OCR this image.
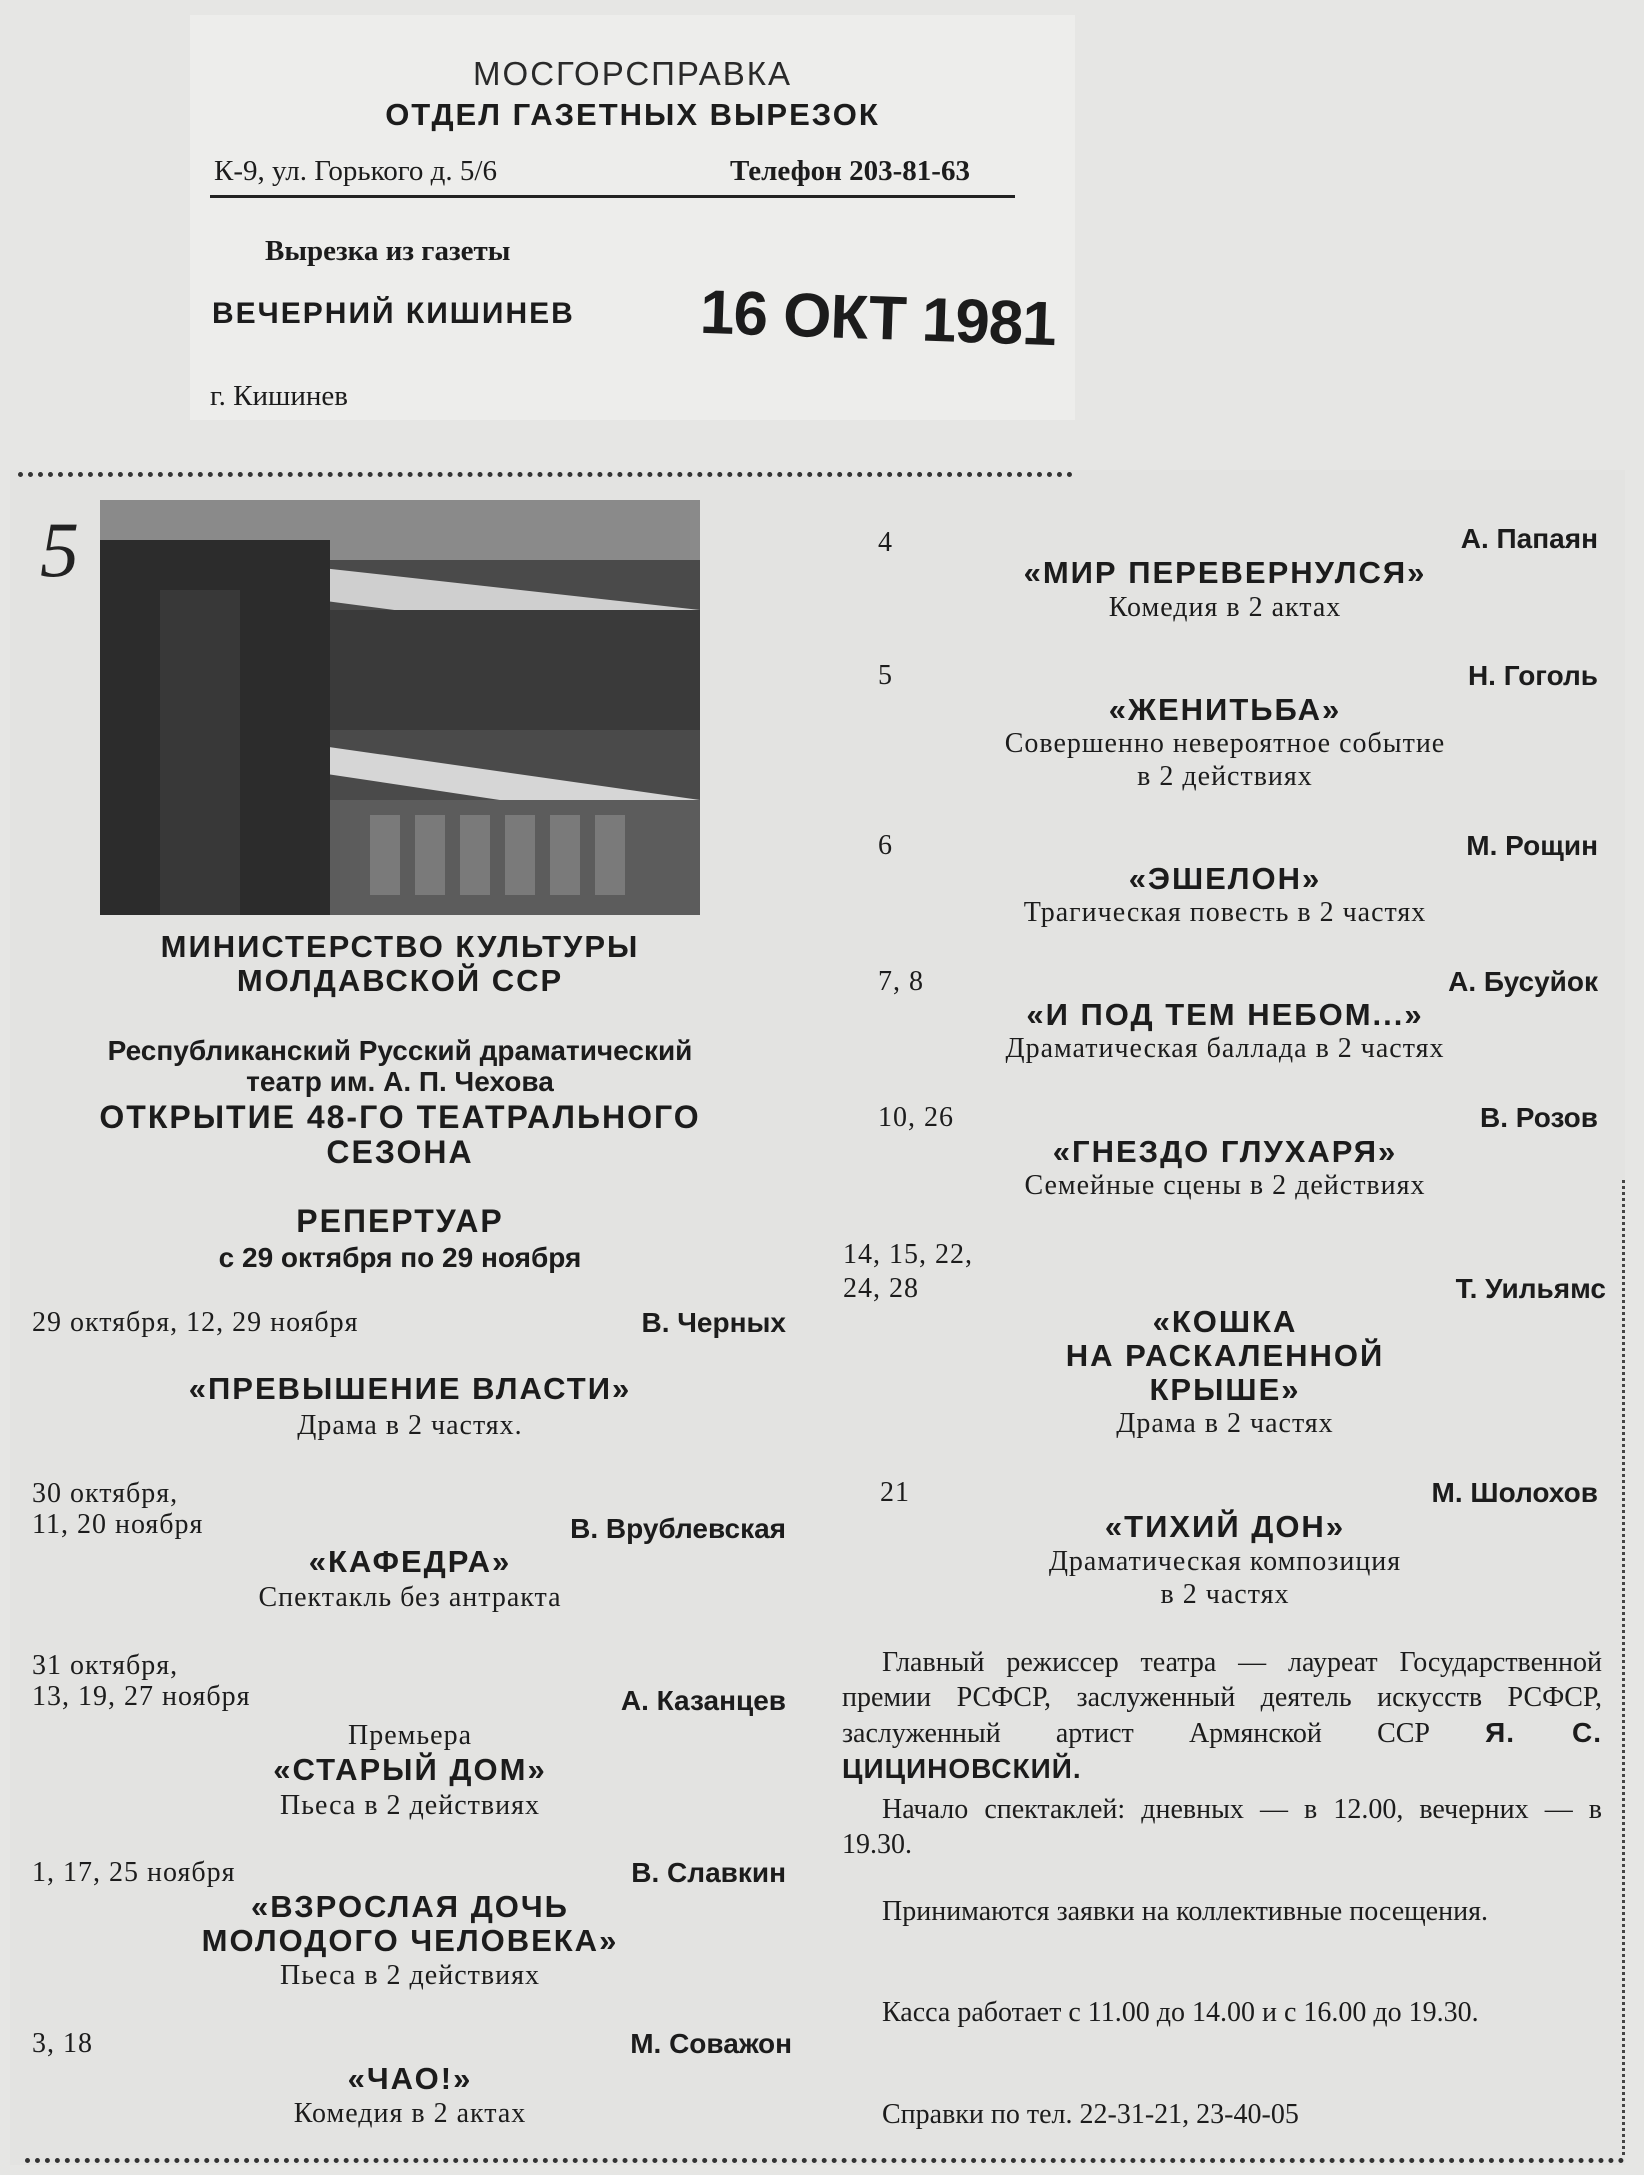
МОСГОРСПРАВКА
ОТДЕЛ ГАЗЕТНЫХ ВЫРЕЗОК
К-9, ул. Горького д. 5/6	Телефон 203-81-63
Вырезка из газеты
ВЕЧЕРНИЙ КИШИНЕВ 16 ОКТ 1981
г. Кишинев
5
МИНИСТЕРСТВО КУЛЬТУРЫ
МОЛДАВСКОЙ ССР
Республиканский Русский драматический
театр им. А. П. Чехова
ОТКРЫТИЕ 48-ГО ТЕАТРАЛЬНОГО
СЕЗОНА
РЕПЕРТУАР
с 29 октября по 29 ноября
29 октября, 12, 29 ноября	В. Черных
«ПРЕВЫШЕНИЕ ВЛАСТИ»
Драма в 2 частях.
30 октября,
11, 20 ноября	В. Врублевская
«КАФЕДРА»
Спектакль без антракта
31 октября,
13, 19, 27 ноября	А. Казанцев
Премьера
«СТАРЫЙ ДОМ»
Пьеса в 2 действиях
1, 17, 25 ноября	В. Славкин
«ВЗРОСЛАЯ ДОЧЬ
МОЛОДОГО ЧЕЛОВЕКА»
Пьеса в 2 действиях
3, 18	М. Соважон
«ЧАО!»
Комедия в 2 актах
4	А. Папаян
«МИР ПЕРЕВЕРНУЛСЯ»
Комедия в 2 актах
5	Н. Гоголь
«ЖЕНИТЬБА»
Совершенно невероятное событие
в 2 действиях
6	М. Рощин
«ЭШЕЛОН»
Трагическая повесть в 2 частях
7, 8	А. Бусуйок
«И ПОД ТЕМ НЕБОМ...»
Драматическая баллада в 2 частях
10, 26	В. Розов
«ГНЕЗДО ГЛУХАРЯ»
Семейные сцены в 2 действиях
14, 15, 22,
24, 28	Т. Уильямс
«КОШКА
НА РАСКАЛЕННОЙ
КРЫШЕ»
Драма в 2 частях
21	М. Шолохов
«ТИХИЙ ДОН»
Драматическая композиция
в 2 частях
Главный режиссер театра — лауреат Государственной премии РСФСР, заслуженный деятель искусств РСФСР, заслуженный артист Армянской ССР Я. С. ЦИЦИНОВСКИЙ.
Начало спектаклей: дневных — в 12.00, вечерних — в 19.30.
Принимаются заявки на коллективные посещения.
Касса работает с 11.00 до 14.00 и с 16.00 до 19.30.
Справки по тел. 22-31-21, 23-40-05
